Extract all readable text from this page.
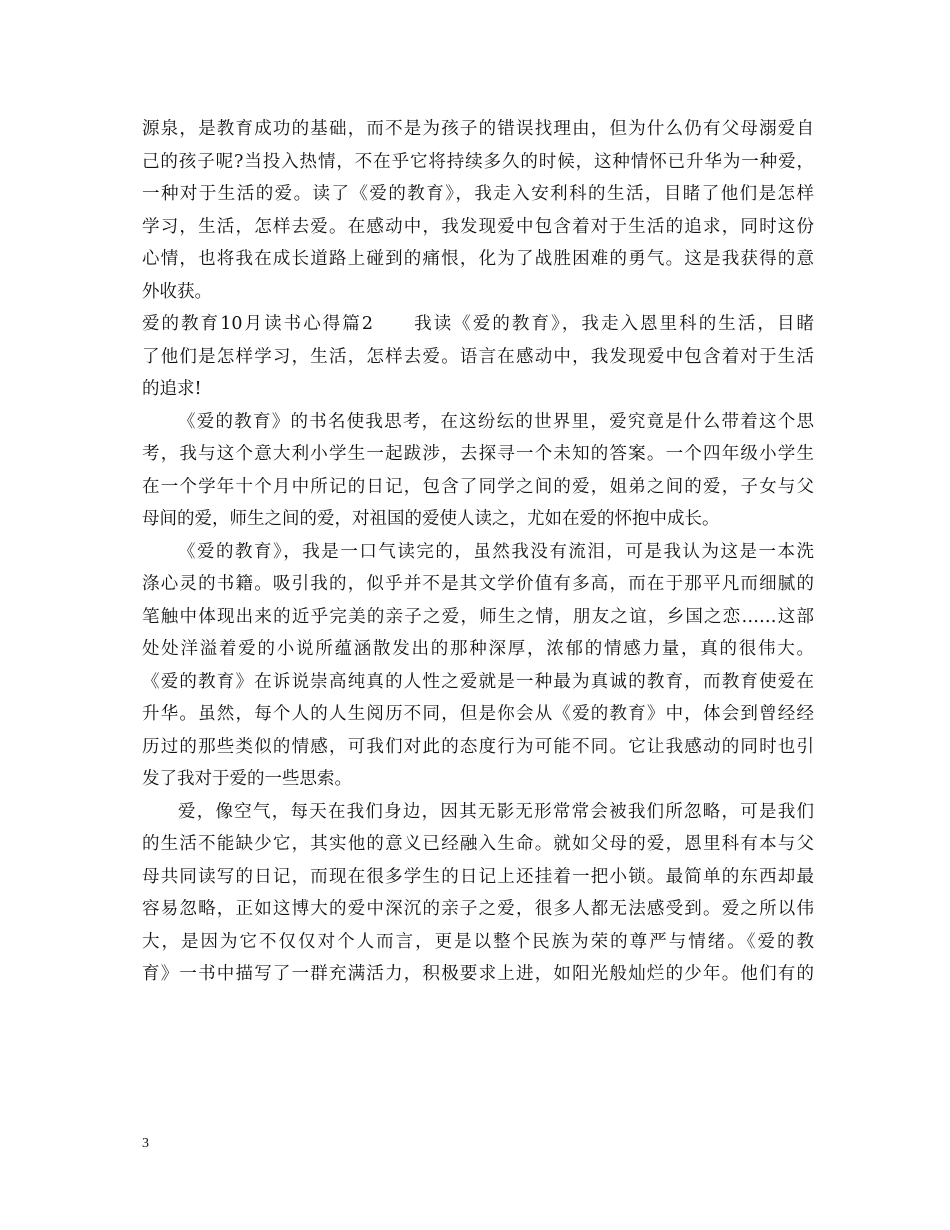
源泉，是教育成功的基础，而不是为孩子的错误找理由，但为什么仍有父母溺爱自
己的孩子呢?当投入热情，不在乎它将持续多久的时候，这种情怀已升华为一种爱，
一种对于生活的爱。读了《爱的教育》，我走入安利科的生活，目睹了他们是怎样
学习，生活，怎样去爱。在感动中，我发现爱中包含着对于生活的追求，同时这份
心情，也将我在成长道路上碰到的痛恨，化为了战胜困难的勇气。这是我获得的意
外收获。
爱的教育10月读书心得篇2　　我读《爱的教育》，我走入恩里科的生活，目睹
了他们是怎样学习，生活，怎样去爱。语言在感动中，我发现爱中包含着对于生活
的追求!
《爱的教育》的书名使我思考，在这纷纭的世界里，爱究竟是什么带着这个思
考，我与这个意大利小学生一起跋涉，去探寻一个未知的答案。一个四年级小学生
在一个学年十个月中所记的日记，包含了同学之间的爱，姐弟之间的爱，子女与父
母间的爱，师生之间的爱，对祖国的爱使人读之，尤如在爱的怀抱中成长。
《爱的教育》，我是一口气读完的，虽然我没有流泪，可是我认为这是一本洗
涤心灵的书籍。吸引我的，似乎并不是其文学价值有多高，而在于那平凡而细腻的
笔触中体现出来的近乎完美的亲子之爱，师生之情，朋友之谊，乡国之恋……这部
处处洋溢着爱的小说所蕴涵散发出的那种深厚，浓郁的情感力量，真的很伟大。
《爱的教育》在诉说崇高纯真的人性之爱就是一种最为真诚的教育，而教育使爱在
升华。虽然，每个人的人生阅历不同，但是你会从《爱的教育》中，体会到曾经经
历过的那些类似的情感，可我们对此的态度行为可能不同。它让我感动的同时也引
发了我对于爱的一些思索。
爱，像空气，每天在我们身边，因其无影无形常常会被我们所忽略，可是我们
的生活不能缺少它，其实他的意义已经融入生命。就如父母的爱，恩里科有本与父
母共同读写的日记，而现在很多学生的日记上还挂着一把小锁。最简单的东西却最
容易忽略，正如这博大的爱中深沉的亲子之爱，很多人都无法感受到。爱之所以伟
大，是因为它不仅仅对个人而言，更是以整个民族为荣的尊严与情绪。《爱的教
育》一书中描写了一群充满活力，积极要求上进，如阳光般灿烂的少年。他们有的
3
